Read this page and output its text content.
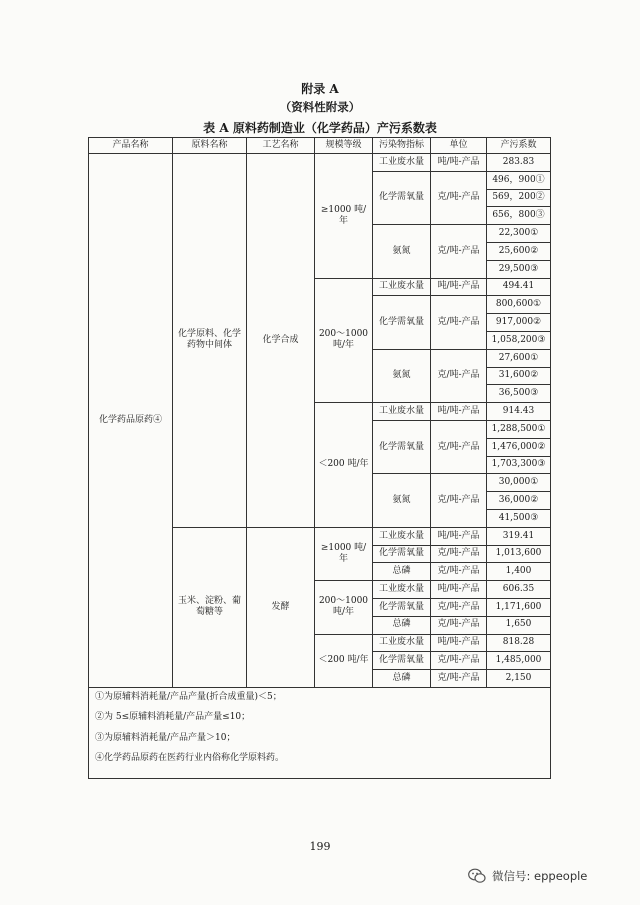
附录 A
（资料性附录）
表 A 原料药制造业（化学药品）产污系数表
产品名称	原料名称	工艺名称	规模等级	污染物指标	单位	产污系数
化学药品原药④	化学原料、化学药物中间体	化学合成	≥1000 吨/年	工业废水量	吨/吨-产品	283.83
				化学需氧量	克/吨-产品	496，900①
						569，200②
						656，800③
				氨氮	克/吨-产品	22,300①
						25,600②
						29,500③
			200～1000 吨/年	工业废水量	吨/吨-产品	494.41
				化学需氧量	克/吨-产品	800,600①
						917,000②
						1,058,200③
				氨氮	克/吨-产品	27,600①
						31,600②
						36,500③
			＜200 吨/年	工业废水量	吨/吨-产品	914.43
				化学需氧量	克/吨-产品	1,288,500①
						1,476,000②
						1,703,300③
				氨氮	克/吨-产品	30,000①
						36,000②
						41,500③
	玉米、淀粉、葡萄糖等	发酵	≥1000 吨/年	工业废水量	吨/吨-产品	319.41
				化学需氧量	克/吨-产品	1,013,600
				总磷	克/吨-产品	1,400
			200～1000 吨/年	工业废水量	吨/吨-产品	606.35
				化学需氧量	克/吨-产品	1,171,600
				总磷	克/吨-产品	1,650
			＜200 吨/年	工业废水量	吨/吨-产品	818.28
				化学需氧量	克/吨-产品	1,485,000
				总磷	克/吨-产品	2,150

①为原辅料消耗量/产品产量(折合成重量)＜5；
②为 5≤原辅料消耗量/产品产量≤10；
③为原辅料消耗量/产品产量＞10；
④化学药品原药在医药行业内俗称化学原料药。						
199
微信号: eppeople
